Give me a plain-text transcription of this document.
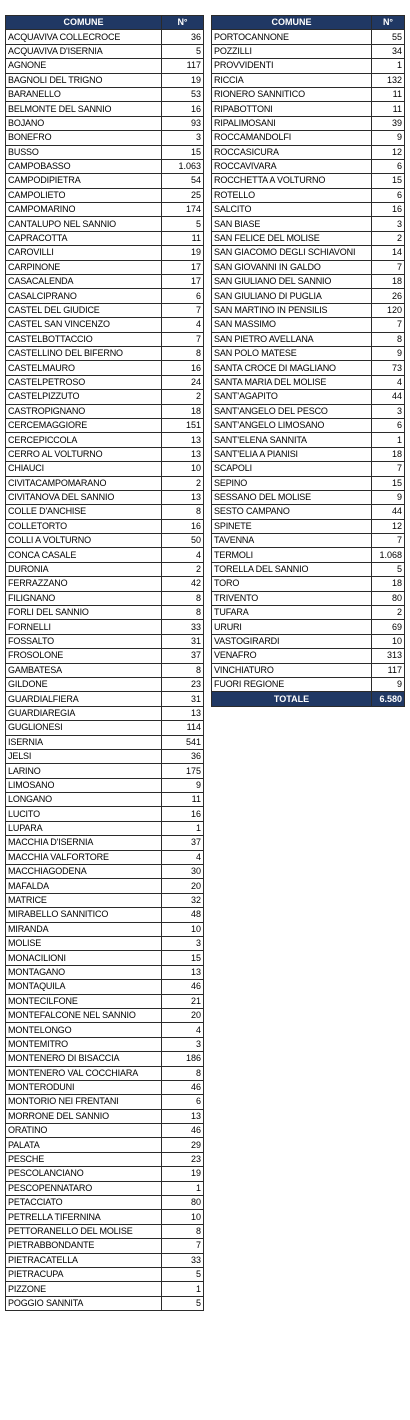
COMUNE	N°
ACQUAVIVA COLLECROCE	36
ACQUAVIVA D'ISERNIA	5
AGNONE	117
BAGNOLI DEL TRIGNO	19
BARANELLO	53
BELMONTE DEL SANNIO	16
BOJANO	93
BONEFRO	3
BUSSO	15
CAMPOBASSO	1.063
CAMPODIPIETRA	54
CAMPOLIETO	25
CAMPOMARINO	174
CANTALUPO NEL SANNIO	5
CAPRACOTTA	11
CAROVILLI	19
CARPINONE	17
CASACALENDA	17
CASALCIPRANO	6
CASTEL DEL GIUDICE	7
CASTEL SAN VINCENZO	4
CASTELBOTTACCIO	7
CASTELLINO DEL BIFERNO	8
CASTELMAURO	16
CASTELPETROSO	24
CASTELPIZZUTO	2
CASTROPIGNANO	18
CERCEMAGGIORE	151
CERCEPICCOLA	13
CERRO AL VOLTURNO	13
CHIAUCI	10
CIVITACAMPOMARANO	2
CIVITANOVA DEL SANNIO	13
COLLE D'ANCHISE	8
COLLETORTO	16
COLLI A VOLTURNO	50
CONCA CASALE	4
DURONIA	2
FERRAZZANO	42
FILIGNANO	8
FORLI DEL SANNIO	8
FORNELLI	33
FOSSALTO	31
FROSOLONE	37
GAMBATESA	8
GILDONE	23
GUARDIALFIERA	31
GUARDIAREGIA	13
GUGLIONESI	114
ISERNIA	541
JELSI	36
LARINO	175
LIMOSANO	9
LONGANO	11
LUCITO	16
LUPARA	1
MACCHIA D'ISERNIA	37
MACCHIA VALFORTORE	4
MACCHIAGODENA	30
MAFALDA	20
MATRICE	32
MIRABELLO SANNITICO	48
MIRANDA	10
MOLISE	3
MONACILIONI	15
MONTAGANO	13
MONTAQUILA	46
MONTECILFONE	21
MONTEFALCONE NEL SANNIO	20
MONTELONGO	4
MONTEMITRO	3
MONTENERO DI BISACCIA	186
MONTENERO VAL COCCHIARA	8
MONTERODUNI	46
MONTORIO NEI FRENTANI	6
MORRONE DEL SANNIO	13
ORATINO	46
PALATA	29
PESCHE	23
PESCOLANCIANO	19
PESCOPENNATARO	1
PETACCIATO	80
PETRELLA TIFERNINA	10
PETTORANELLO DEL MOLISE	8
PIETRABBONDANTE	7
PIETRACATELLA	33
PIETRACUPA	5
PIZZONE	1
POGGIO SANNITA	5
COMUNE	N°
PORTOCANNONE	55
POZZILLI	34
PROVVIDENTI	1
RICCIA	132
RIONERO SANNITICO	11
RIPABOTTONI	11
RIPALIMOSANI	39
ROCCAMANDOLFI	9
ROCCASICURA	12
ROCCAVIVARA	6
ROCCHETTA A VOLTURNO	15
ROTELLO	6
SALCITO	16
SAN BIASE	3
SAN FELICE DEL MOLISE	2
SAN GIACOMO DEGLI SCHIAVONI	14
SAN GIOVANNI IN GALDO	7
SAN GIULIANO DEL SANNIO	18
SAN GIULIANO DI PUGLIA	26
SAN MARTINO IN PENSILIS	120
SAN MASSIMO	7
SAN PIETRO AVELLANA	8
SAN POLO MATESE	9
SANTA CROCE DI MAGLIANO	73
SANTA MARIA DEL MOLISE	4
SANT'AGAPITO	44
SANT'ANGELO DEL PESCO	3
SANT'ANGELO LIMOSANO	6
SANT'ELENA SANNITA	1
SANT'ELIA A PIANISI	18
SCAPOLI	7
SEPINO	15
SESSANO DEL MOLISE	9
SESTO CAMPANO	44
SPINETE	12
TAVENNA	7
TERMOLI	1.068
TORELLA DEL SANNIO	5
TORO	18
TRIVENTO	80
TUFARA	2
URURI	69
VASTOGIRARDI	10
VENAFRO	313
VINCHIATURO	117
FUORI REGIONE	9
TOTALE	6.580
